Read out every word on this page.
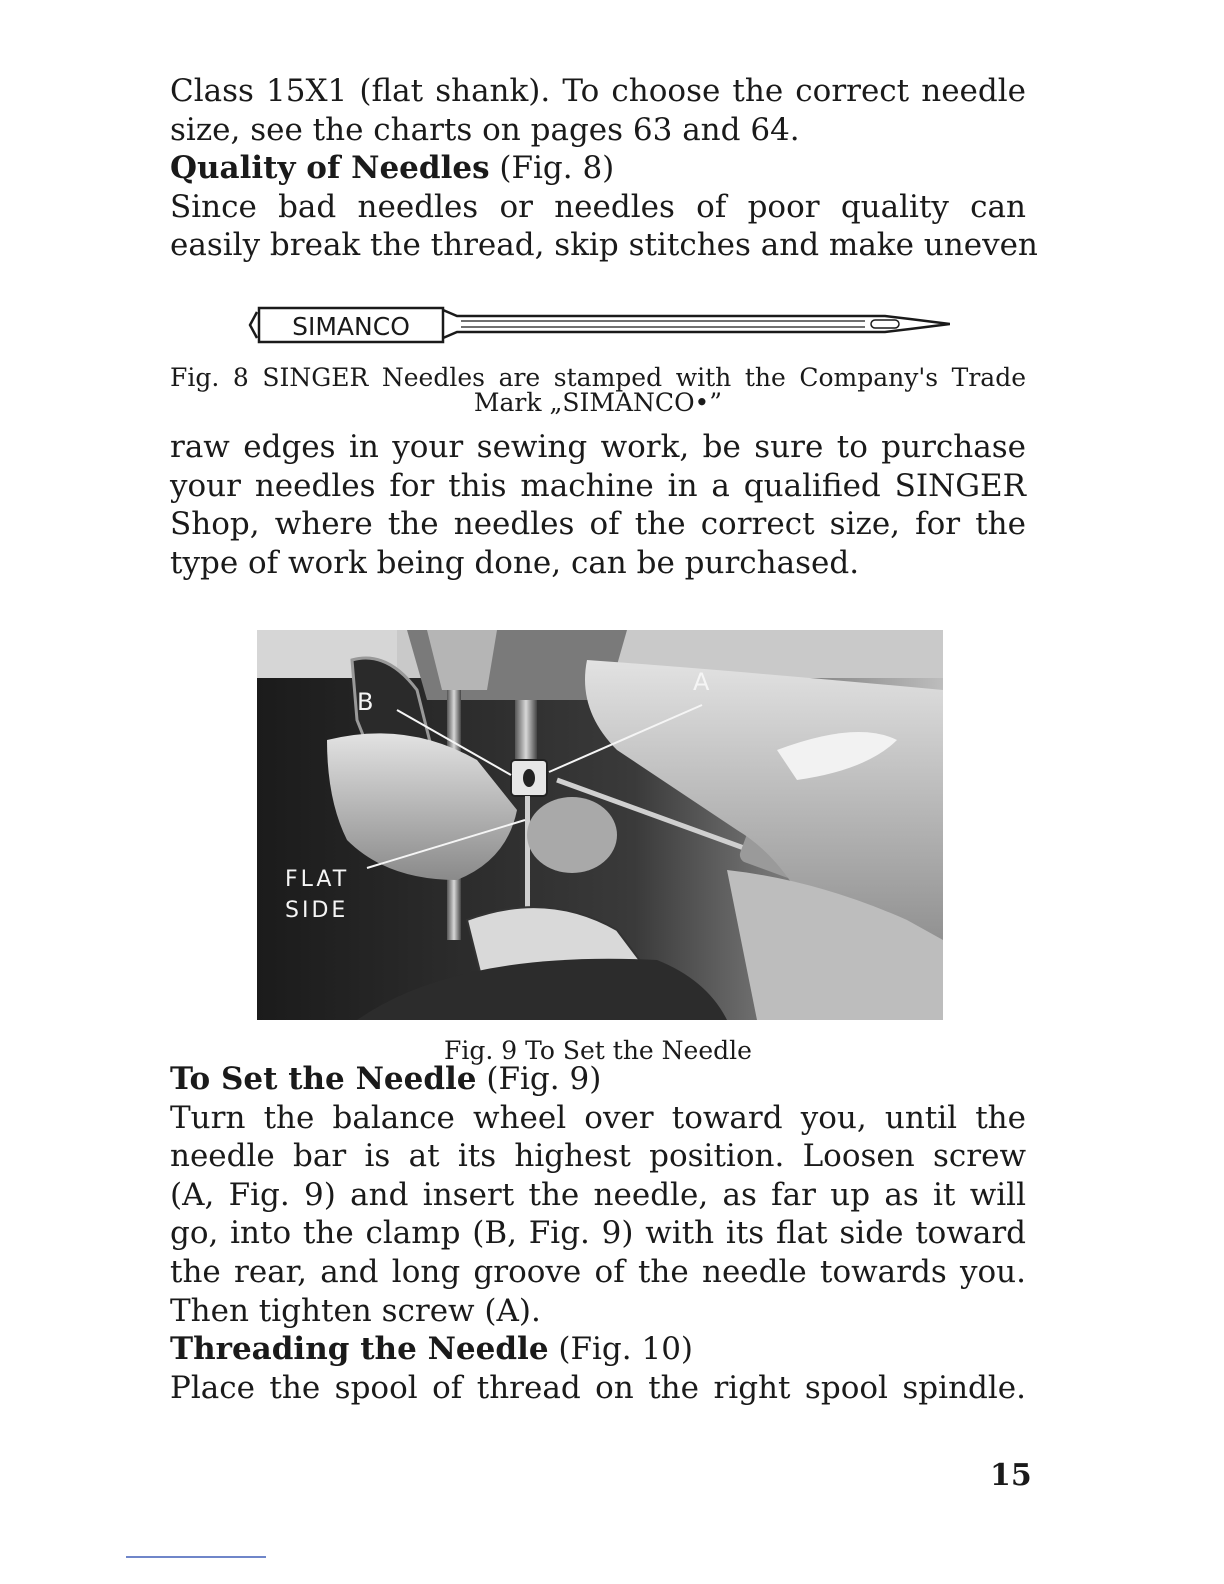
Class 15X1 (flat shank). To choose the correct needle
size, see the charts on pages 63 and 64.
Quality of Needles (Fig. 8)
Since bad needles or needles of poor quality can
easily break the thread, skip stitches and make uneven
SIMANCO
Fig. 8 SINGER Needles are stamped with the Company's Trade
Mark „SIMANCO•”
raw edges in your sewing work, be sure to purchase
your needles for this machine in a qualified SINGER
Shop, where the needles of the correct size, for the
type of work being done, can be purchased.
A
B
FLAT
SIDE
Fig. 9 To Set the Needle
To Set the Needle (Fig. 9)
Turn the balance wheel over toward you, until the
needle bar is at its highest position. Loosen screw
(A, Fig. 9) and insert the needle, as far up as it will
go, into the clamp (B, Fig. 9) with its flat side toward
the rear, and long groove of the needle towards you.
Then tighten screw (A).
Threading the Needle (Fig. 10)
Place the spool of thread on the right spool spindle.
15
